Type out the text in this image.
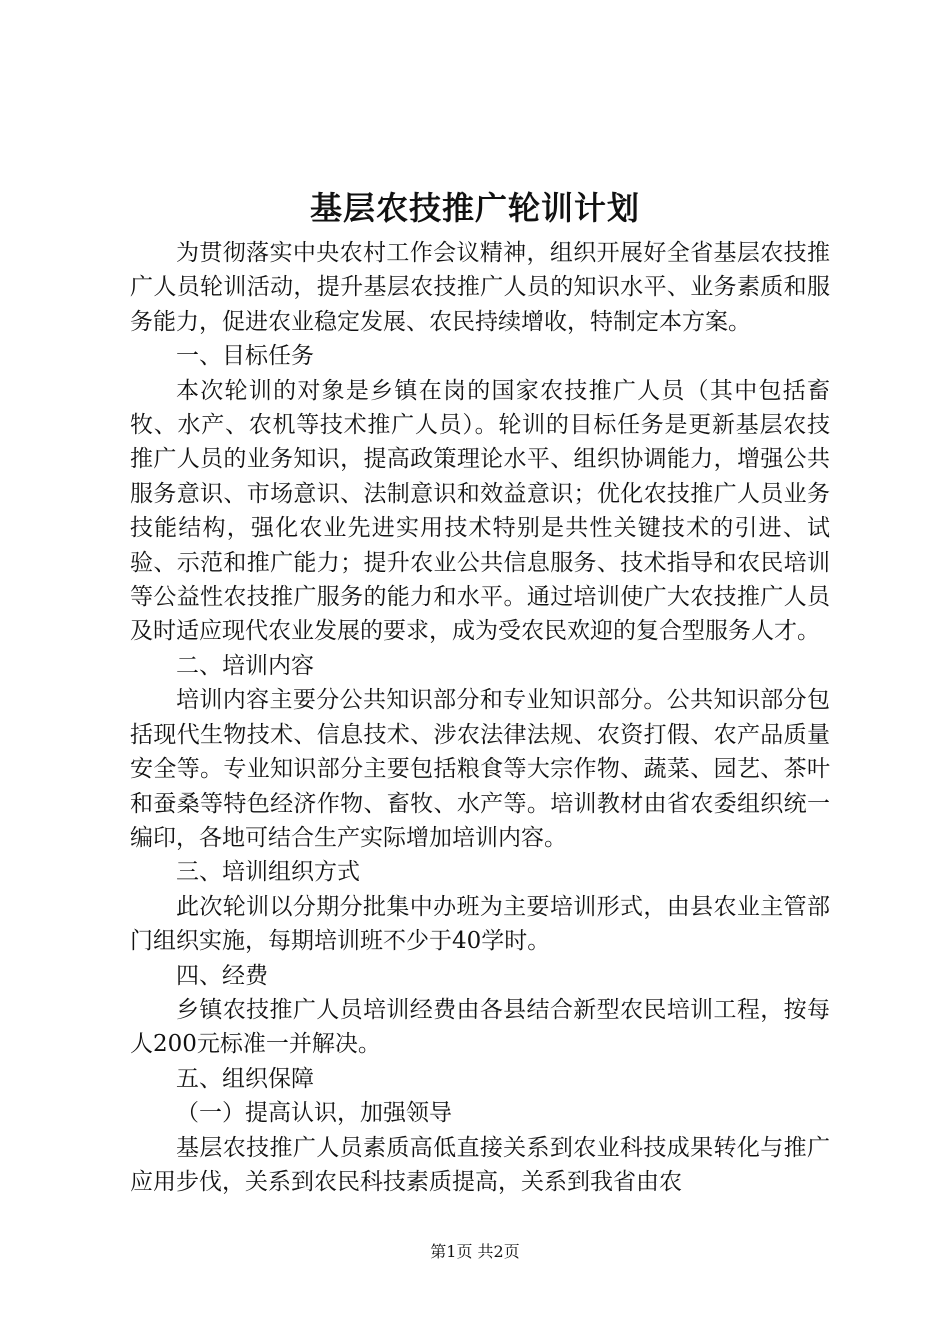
基层农技推广轮训计划

为贯彻落实中央农村工作会议精神，组织开展好全省基层农技推广人员轮训活动，提升基层农技推广人员的知识水平、业务素质和服务能力，促进农业稳定发展、农民持续增收，特制定本方案。

一、目标任务

本次轮训的对象是乡镇在岗的国家农技推广人员（其中包括畜牧、水产、农机等技术推广人员）。轮训的目标任务是更新基层农技推广人员的业务知识，提高政策理论水平、组织协调能力，增强公共服务意识、市场意识、法制意识和效益意识；优化农技推广人员业务技能结构，强化农业先进实用技术特别是共性关键技术的引进、试验、示范和推广能力；提升农业公共信息服务、技术指导和农民培训等公益性农技推广服务的能力和水平。通过培训使广大农技推广人员及时适应现代农业发展的要求，成为受农民欢迎的复合型服务人才。

二、培训内容

培训内容主要分公共知识部分和专业知识部分。公共知识部分包括现代生物技术、信息技术、涉农法律法规、农资打假、农产品质量安全等。专业知识部分主要包括粮食等大宗作物、蔬菜、园艺、茶叶和蚕桑等特色经济作物、畜牧、水产等。培训教材由省农委组织统一编印，各地可结合生产实际增加培训内容。

三、培训组织方式

此次轮训以分期分批集中办班为主要培训形式，由县农业主管部门组织实施，每期培训班不少于40学时。

四、经费

乡镇农技推广人员培训经费由各县结合新型农民培训工程，按每人200元标准一并解决。

五、组织保障

（一）提高认识，加强领导

基层农技推广人员素质高低直接关系到农业科技成果转化与推广应用步伐，关系到农民科技素质提高，关系到我省由农

第1页 共2页
